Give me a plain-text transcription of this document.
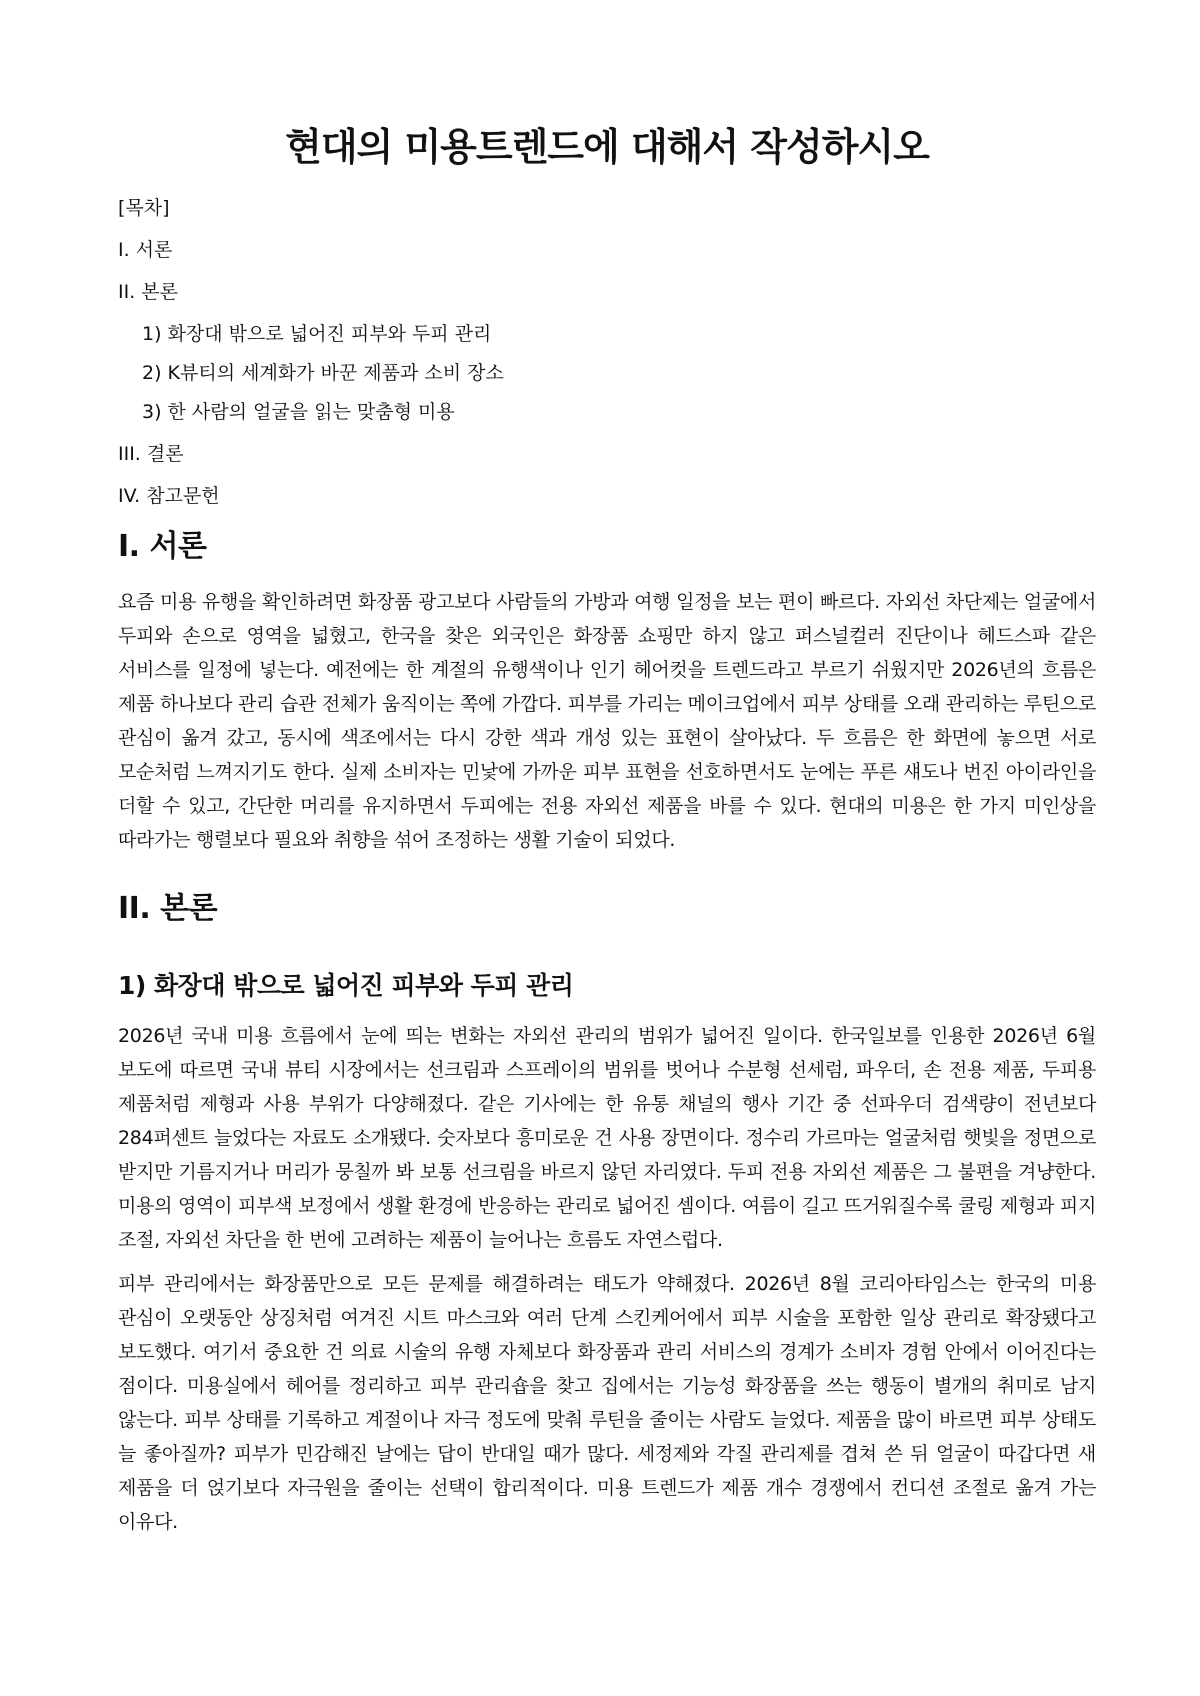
현대의 미용트렌드에 대해서 작성하시오
[목차]
I. 서론
II. 본론
1) 화장대 밖으로 넓어진 피부와 두피 관리
2) K뷰티의 세계화가 바꾼 제품과 소비 장소
3) 한 사람의 얼굴을 읽는 맞춤형 미용
III. 결론
IV. 참고문헌
I. 서론

요즘 미용 유행을 확인하려면 화장품 광고보다 사람들의 가방과 여행 일정을 보는 편이 빠르다. 자외선 차단제는 얼굴에서 두피와 손으로 영역을 넓혔고, 한국을 찾은 외국인은 화장품 쇼핑만 하지 않고 퍼스널컬러 진단이나 헤드스파 같은 서비스를 일정에 넣는다. 예전에는 한 계절의 유행색이나 인기 헤어컷을 트렌드라고 부르기 쉬웠지만 2026년의 흐름은 제품 하나보다 관리 습관 전체가 움직이는 쪽에 가깝다. 피부를 가리는 메이크업에서 피부 상태를 오래 관리하는 루틴으로 관심이 옮겨 갔고, 동시에 색조에서는 다시 강한 색과 개성 있는 표현이 살아났다. 두 흐름은 한 화면에 놓으면 서로 모순처럼 느껴지기도 한다. 실제 소비자는 민낯에 가까운 피부 표현을 선호하면서도 눈에는 푸른 섀도나 번진 아이라인을 더할 수 있고, 간단한 머리를 유지하면서 두피에는 전용 자외선 제품을 바를 수 있다. 현대의 미용은 한 가지 미인상을 따라가는 행렬보다 필요와 취향을 섞어 조정하는 생활 기술이 되었다.

II. 본론
1) 화장대 밖으로 넓어진 피부와 두피 관리

2026년 국내 미용 흐름에서 눈에 띄는 변화는 자외선 관리의 범위가 넓어진 일이다. 한국일보를 인용한 2026년 6월 보도에 따르면 국내 뷰티 시장에서는 선크림과 스프레이의 범위를 벗어나 수분형 선세럼, 파우더, 손 전용 제품, 두피용 제품처럼 제형과 사용 부위가 다양해졌다. 같은 기사에는 한 유통 채널의 행사 기간 중 선파우더 검색량이 전년보다 284퍼센트 늘었다는 자료도 소개됐다. 숫자보다 흥미로운 건 사용 장면이다. 정수리 가르마는 얼굴처럼 햇빛을 정면으로 받지만 기름지거나 머리가 뭉칠까 봐 보통 선크림을 바르지 않던 자리였다. 두피 전용 자외선 제품은 그 불편을 겨냥한다. 미용의 영역이 피부색 보정에서 생활 환경에 반응하는 관리로 넓어진 셈이다. 여름이 길고 뜨거워질수록 쿨링 제형과 피지 조절, 자외선 차단을 한 번에 고려하는 제품이 늘어나는 흐름도 자연스럽다.

피부 관리에서는 화장품만으로 모든 문제를 해결하려는 태도가 약해졌다. 2026년 8월 코리아타임스는 한국의 미용 관심이 오랫동안 상징처럼 여겨진 시트 마스크와 여러 단계 스킨케어에서 피부 시술을 포함한 일상 관리로 확장됐다고 보도했다. 여기서 중요한 건 의료 시술의 유행 자체보다 화장품과 관리 서비스의 경계가 소비자 경험 안에서 이어진다는 점이다. 미용실에서 헤어를 정리하고 피부 관리숍을 찾고 집에서는 기능성 화장품을 쓰는 행동이 별개의 취미로 남지 않는다. 피부 상태를 기록하고 계절이나 자극 정도에 맞춰 루틴을 줄이는 사람도 늘었다. 제품을 많이 바르면 피부 상태도 늘 좋아질까? 피부가 민감해진 날에는 답이 반대일 때가 많다. 세정제와 각질 관리제를 겹쳐 쓴 뒤 얼굴이 따갑다면 새 제품을 더 얹기보다 자극원을 줄이는 선택이 합리적이다. 미용 트렌드가 제품 개수 경쟁에서 컨디션 조절로 옮겨 가는 이유다.
